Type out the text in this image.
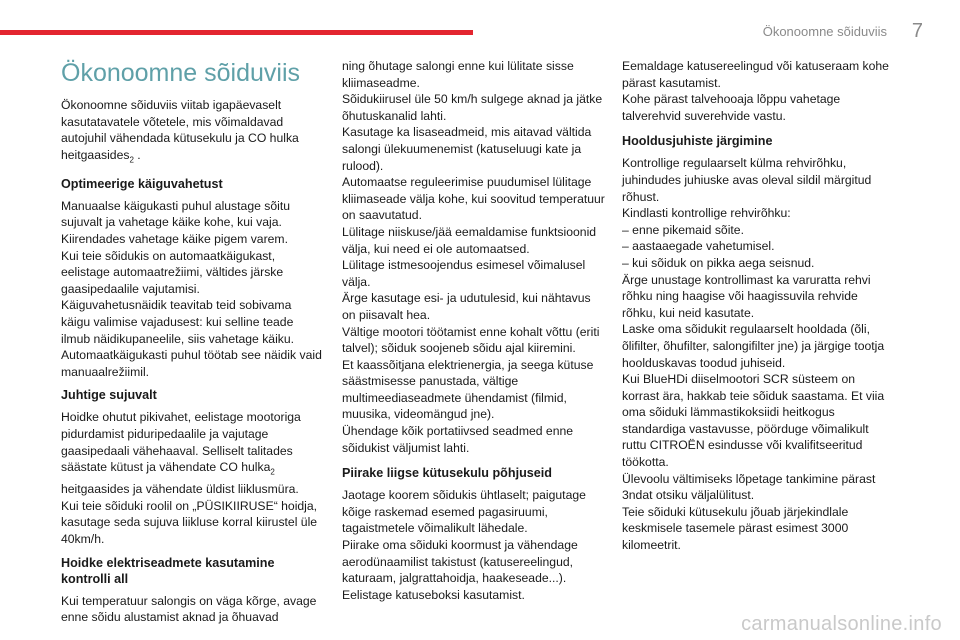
Ökonoomne sõiduviis 7
Ökonoomne sõiduviis

Ökonoomne sõiduviis viitab igapäevaselt kasutatavatele võtetele, mis võimaldavad autojuhil vähendada kütusekulu ja CO hulka heitgaasides$_2$ .

Optimeerige käiguvahetust

Manuaalse käigukasti puhul alustage sõitu sujuvalt ja vahetage käike kohe, kui vaja.
Kiirendades vahetage käike pigem varem.
Kui teie sõidukis on automaatkäigukast, eelistage automaatrežiimi, vältides järske gaasipedaalile vajutamisi.
Käiguvahetusnäidik teavitab teid sobivama käigu valimise vajadusest: kui selline teade ilmub näidikupaneelile, siis vahetage käiku.
Automaatkäigukasti puhul töötab see näidik vaid manuaalrežiimil.

Juhtige sujuvalt

Hoidke ohutut pikivahet, eelistage mootoriga pidurdamist piduripedaalile ja vajutage gaasipedaali vähehaaval. Selliselt talitades säästate kütust ja vähendate CO hulka$_2$
heitgaasides ja vähendate üldist liiklusmüra.
Kui teie sõiduki roolil on „PÜSIKIIRUSE“ hoidja, kasutage seda sujuva liikluse korral kiirustel üle 40km/h.

Hoidke elektriseadmete kasutamine kontrolli all

Kui temperatuur salongis on väga kõrge, avage enne sõidu alustamist aknad ja õhuavad

ning õhutage salongi enne kui lülitate sisse kliimaseadme.
Sõidukiirusel üle 50 km/h sulgege aknad ja jätke õhutuskanalid lahti.
Kasutage ka lisaseadmeid, mis aitavad vältida salongi ülekuumenemist (katuseluugi kate ja rulood).
Automaatse reguleerimise puudumisel lülitage kliimaseade välja kohe, kui soovitud temperatuur on saavutatud.
Lülitage niiskuse/jää eemaldamise funktsioonid välja, kui need ei ole automaatsed.
Lülitage istmesoojendus esimesel võimalusel välja.
Ärge kasutage esi- ja udutulesid, kui nähtavus on piisavalt hea.
Vältige mootori töötamist enne kohalt võttu (eriti talvel); sõiduk soojeneb sõidu ajal kiiremini.
Et kaassõitjana elektrienergia, ja seega kütuse säästmisesse panustada, vältige multimeediaseadmete ühendamist (filmid, muusika, videomängud jne).
Ühendage kõik portatiivsed seadmed enne sõidukist väljumist lahti.

Piirake liigse kütusekulu põhjuseid

Jaotage koorem sõidukis ühtlaselt; paigutage kõige raskemad esemed pagasiruumi, tagaistmetele võimalikult lähedale.
Piirake oma sõiduki koormust ja vähendage aerodünaamilist takistust (katusereelingud, katuraam, jalgrattahoidja, haakeseade...).
Eelistage katuseboksi kasutamist.

Eemaldage katusereelingud või katuseraam kohe pärast kasutamist.
Kohe pärast talvehooaja lõppu vahetage talverehvid suverehvide vastu.

Hooldusjuhiste järgimine

Kontrollige regulaarselt külma rehvirõhku, juhindudes juhiuske avas oleval sildil märgitud rõhust.
Kindlasti kontrollige rehvirõhku:
– enne pikemaid sõite.
– aastaaegade vahetumisel.
– kui sõiduk on pikka aega seisnud.
Ärge unustage kontrollimast ka varuratta rehvi rõhku ning haagise või haagissuvila rehvide rõhku, kui neid kasutate.
Laske oma sõidukit regulaarselt hooldada (õli, õlifilter, õhufilter, salongifilter jne) ja järgige tootja hoolduskavas toodud juhiseid.
Kui BlueHDi diiselmootori SCR süsteem on korrast ära, hakkab teie sõiduk saastama. Et viia oma sõiduki lämmastikoksiidi heitkogus standardiga vastavusse, pöörduge võimalikult ruttu CITROËN esindusse või kvalifitseeritud töökotta.
Ülevoolu vältimiseks lõpetage tankimine pärast 3ndat otsiku väljalülitust.
Teie sõiduki kütusekulu jõuab järjekindlale keskmisele tasemele pärast esimest 3000 kilomeetrit.

carmanualsonline.info
